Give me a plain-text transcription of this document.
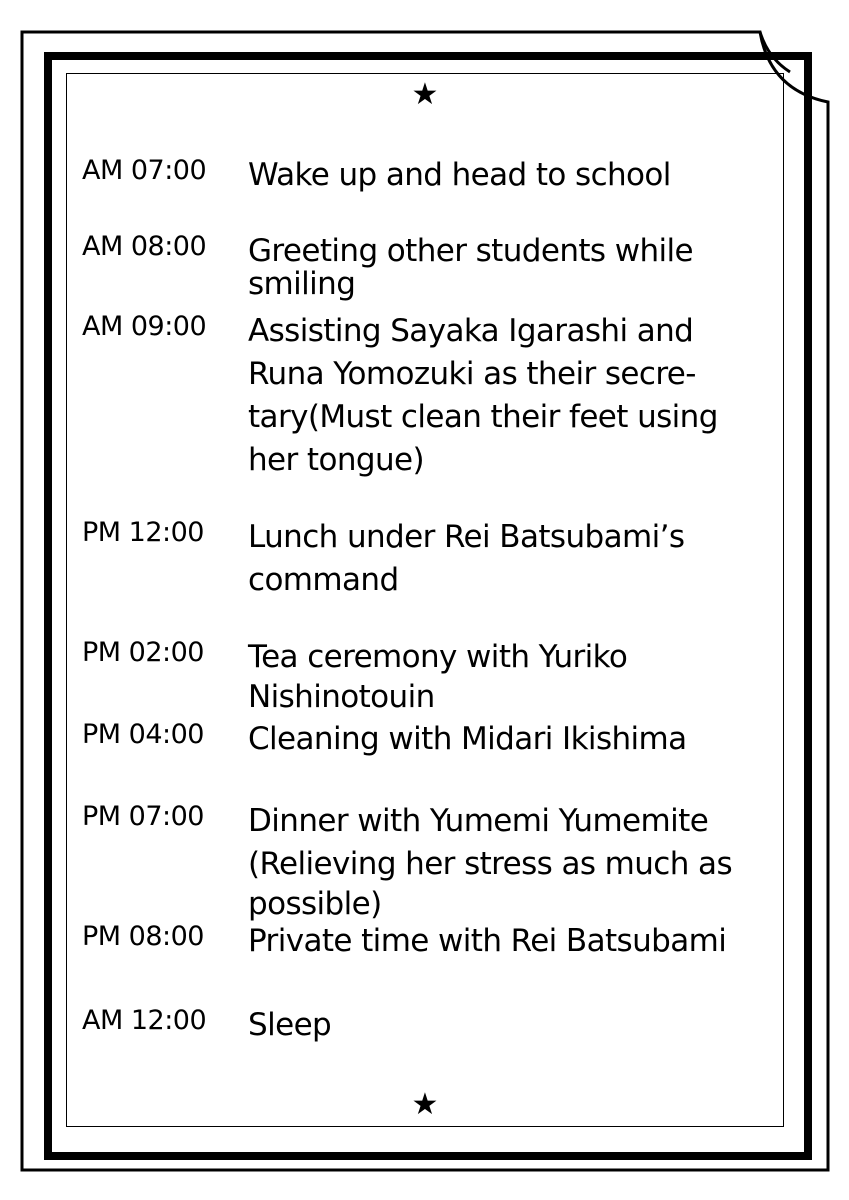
★
★
AM 07:00	Wake up and head to school
AM 08:00	Greeting other students while
smiling
AM 09:00	Assisting Sayaka Igarashi and
Runa Yomozuki as their secre-
tary(Must clean their feet using
her tongue)
PM 12:00	Lunch under Rei Batsubami’s
command
PM 02:00	Tea ceremony with Yuriko
Nishinotouin
PM 04:00	Cleaning with Midari Ikishima
PM 07:00	Dinner with Yumemi Yumemite
(Relieving her stress as much as
possible)
PM 08:00	Private time with Rei Batsubami
AM 12:00	Sleep
